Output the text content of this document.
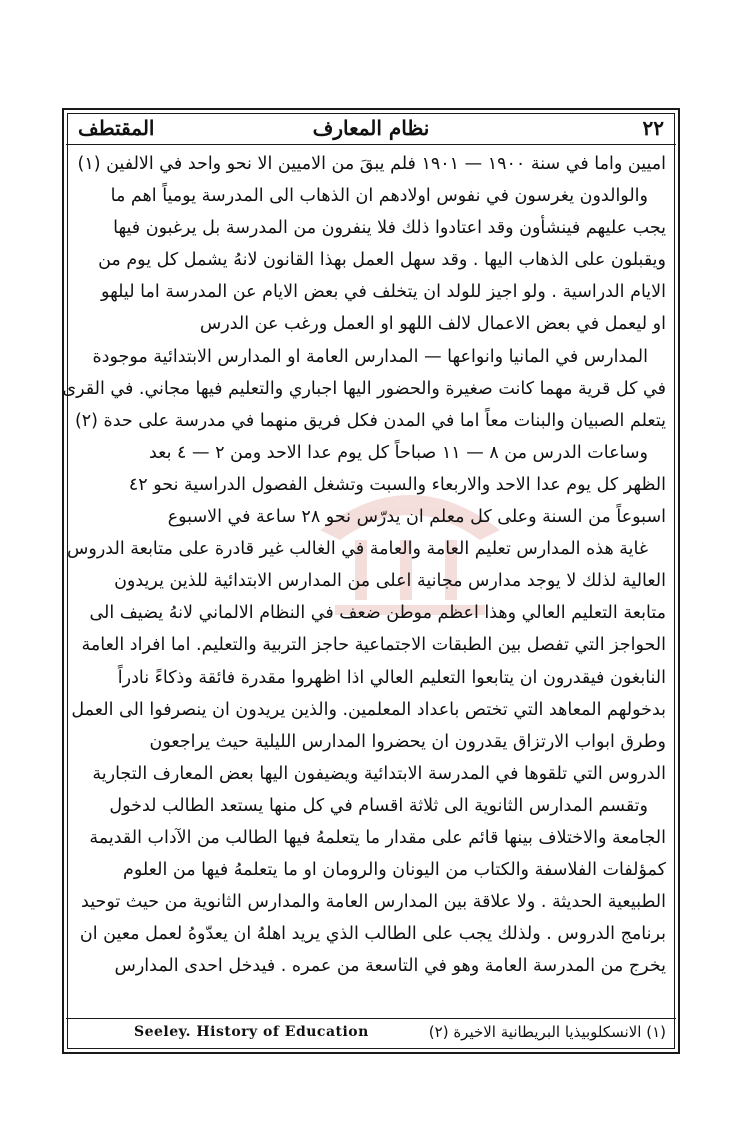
٢٢
نظام المعارف
المقتطف
اميين واما في سنة ١٩٠٠ — ١٩٠١ فلم يبقَ من الاميين الا نحو واحد في الالفين (١)
والوالدون يغرسون في نفوس اولادهم ان الذهاب الى المدرسة يومياً اهم ما
يجب عليهم فينشأون وقد اعتادوا ذلك فلا ينفرون من المدرسة بل يرغبون فيها
ويقبلون على الذهاب اليها . وقد سهل العمل بهذا القانون لانهُ يشمل كل يوم من
الايام الدراسية . ولو اجيز للولد ان يتخلف في بعض الايام عن المدرسة اما ليلهو
او ليعمل في بعض الاعمال لالف اللهو او العمل ورغب عن الدرس
المدارس في المانيا وانواعها — المدارس العامة او المدارس الابتدائية موجودة
في كل قرية مهما كانت صغيرة والحضور اليها اجباري والتعليم فيها مجاني. في القرى
يتعلم الصبيان والبنات معاً اما في المدن فكل فريق منهما في مدرسة على حدة (٢)
وساعات الدرس من ٨ — ١١ صباحاً كل يوم عدا الاحد ومن ٢ — ٤ بعد
الظهر كل يوم عدا الاحد والاربعاء والسبت وتشغل الفصول الدراسية نحو ٤٢
اسبوعاً من السنة وعلى كل معلم ان يدرّس نحو ٢٨ ساعة في الاسبوع
غاية هذه المدارس تعليم العامة والعامة في الغالب غير قادرة على متابعة الدروس
العالية لذلك لا يوجد مدارس مجانية اعلى من المدارس الابتدائية للذين يريدون
متابعة التعليم العالي وهذا اعظم موطن ضعف في النظام الالماني لانهُ يضيف الى
الحواجز التي تفصل بين الطبقات الاجتماعية حاجز التربية والتعليم. اما افراد العامة
النابغون فيقدرون ان يتابعوا التعليم العالي اذا اظهروا مقدرة فائقة وذكاءً نادراً
بدخولهم المعاهد التي تختص باعداد المعلمين. والذين يريدون ان ينصرفوا الى العمل
وطرق ابواب الارتزاق يقدرون ان يحضروا المدارس الليلية حيث يراجعون
الدروس التي تلقوها في المدرسة الابتدائية ويضيفون اليها بعض المعارف التجارية
وتقسم المدارس الثانوية الى ثلاثة اقسام في كل منها يستعد الطالب لدخول
الجامعة والاختلاف بينها قائم على مقدار ما يتعلمهُ فيها الطالب من الآداب القديمة
كمؤلفات الفلاسفة والكتاب من اليونان والرومان او ما يتعلمهُ فيها من العلوم
الطبيعية الحديثة . ولا علاقة بين المدارس العامة والمدارس الثانوية من حيث توحيد
برنامج الدروس . ولذلك يجب على الطالب الذي يريد اهلهُ ان يعدّوهُ لعمل معين ان
يخرج من المدرسة العامة وهو في التاسعة من عمره . فيدخل احدى المدارس
(١) الانسكلوبيذيا البريطانية الاخيرة (٢)
Seeley. History of Education
